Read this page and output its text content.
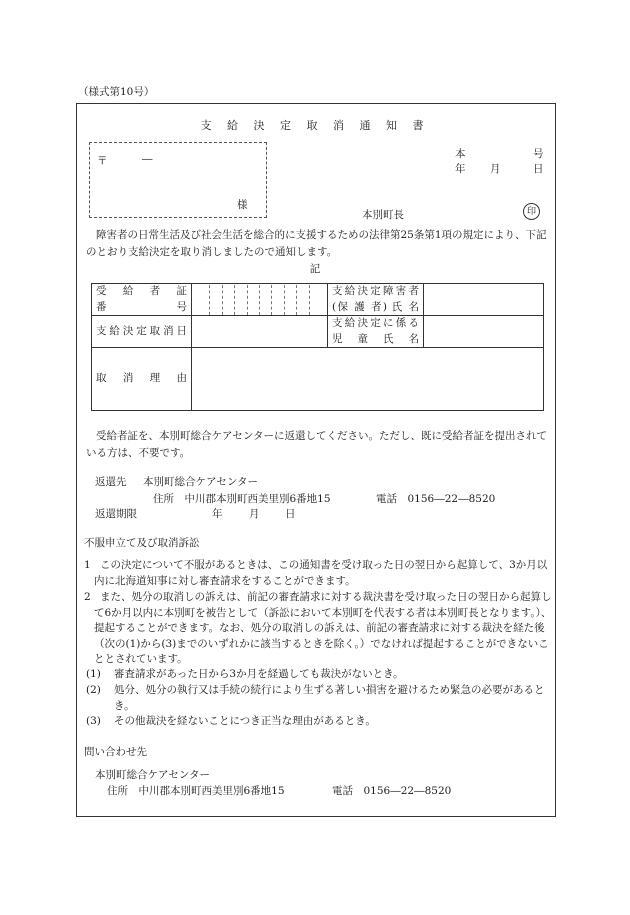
（様式第10号）
支 給 決 定 取 消 通 知 書
〒	―
様
本	号
年 月	日
本別町長	印
障害者の日常生活及び社会生活を総合的に支援するための法律第25条第1項の規定により、下記のとおり支給決定を取り消しましたので通知します。
記
受　給　者　証
番　　　　　号		支給決定障害者
(保 護 者) 氏 名	

支給決定取消日		支給決定に係る
児　童　氏　名	

取　消　理　由			

受給者証を、本別町総合ケアセンターに返還してください。ただし、既に受給者証を提出されている方は、不要です。
返還先 本別町総合ケアセンター
住所　中川郡本別町西美里別6番地15	電話　0156―22―8520
返還期限	年	月 日
不服申立て及び取消訴訟
1 この決定について不服があるときは、この通知書を受け取った日の翌日から起算して、3か月以内に北海道知事に対し審査請求をすることができます。
2 また、処分の取消しの訴えは、前記の審査請求に対する裁決書を受け取った日の翌日から起算して6か月以内に本別町を被告として（訴訟において本別町を代表する者は本別町長となります。）、提起することができます。なお、処分の取消しの訴えは、前記の審査請求に対する裁決を経た後（次の(1)から(3)までのいずれかに該当するときを除く。）でなければ提起することができないこととされています。
(1) 審査請求があった日から3か月を経過しても裁決がないとき。
(2) 処分、処分の執行又は手続の続行により生ずる著しい損害を避けるため緊急の必要があるとき。
(3) その他裁決を経ないことにつき正当な理由があるとき。
問い合わせ先
本別町総合ケアセンター
住所　中川郡本別町西美里別6番地15	電話　0156―22―8520
